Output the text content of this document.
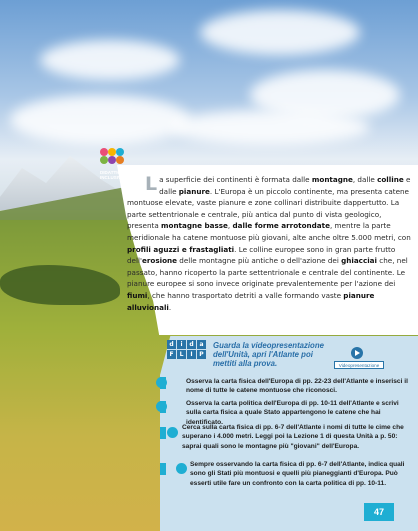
DIDATTICA
INCLUSIVA La superficie dei continenti è formata dalle montagne, dalle colline e dalle pianure. L'Europa è un piccolo continente, ma presenta catene montuose elevate, vaste pianure e zone collinari distribuite dappertutto. La parte settentrionale e centrale, più antica dal punto di vista geologico, presenta montagne basse, dalle forme arrotondate, mentre la parte meridionale ha catene montuose più giovani, alte anche oltre 5.000 metri, con profili aguzzi e frastagliati. Le colline europee sono in gran parte frutto dell'erosione delle montagne più antiche o dell'azione dei ghiacciai che, nel passato, hanno ricoperto la parte settentrionale e centrale del continente. Le pianure europee si sono invece originate prevalentemente per l'azione dei fiumi, che hanno trasportato detriti a valle formando vaste pianure alluvionali.
d	i	d a
F	L	I	P
Guarda la videopresentazione dell'Unità, apri l'Atlante poi mettiti alla prova.	Videopresentazione
Osserva la carta fisica dell'Europa di pp. 22-23 dell'Atlante e inserisci il nome di tutte le catene montuose che riconosci.
Osserva la carta politica dell'Europa di pp. 10-11 dell'Atlante e scrivi sulla carta fisica a quale Stato appartengono le catene che hai identificato.
Cerca sulla carta fisica di pp. 6-7 dell'Atlante i nomi di tutte le cime che superano i 4.000 metri. Leggi poi la Lezione 1 di questa Unità a p. 50: saprai quali sono le montagne più "giovani" dell'Europa.
Sempre osservando la carta fisica di pp. 6-7 dell'Atlante, indica quali sono gli Stati più montuosi e quelli più pianeggianti d'Europa. Può esserti utile fare un confronto con la carta politica di pp. 10-11.
47
